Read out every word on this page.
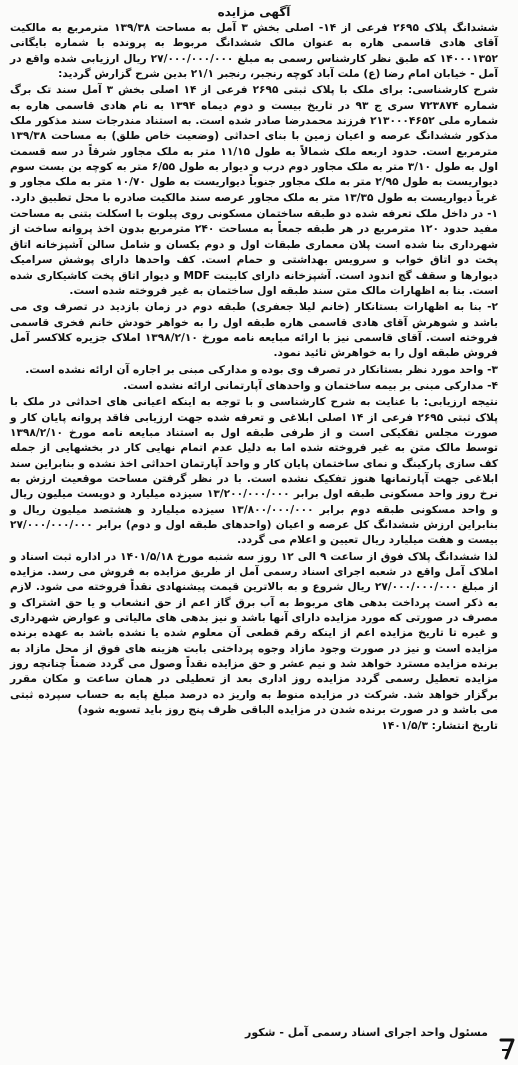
آگهی مزایده
ششدانگ پلاک ۲۶۹۵ فرعی از ۱۴- اصلی بخش ۳ آمل به مساحت ۱۳۹/۳۸ مترمربع به مالکیت آقای هادی قاسمی هاره به عنوان مالک ششدانگ مربوط به پرونده با شماره بایگانی ۱۴۰۰۰۱۳۵۲ که طبق نظر کارشناس رسمی به مبلغ ۲۷/۰۰۰/۰۰۰/۰۰۰ ریال ارزیابی شده واقع در آمل - خیابان امام رضا (ع) ملت آباد کوچه رنجبر، رنجبر ۲۱/۱ بدین شرح گزارش گردید:
شرح کارشناسی: برای ملک با پلاک ثبتی ۲۶۹۵ فرعی از ۱۴ اصلی بخش ۳ آمل سند تک برگ شماره ۷۲۳۸۷۴ سری ج ۹۳ در تاریخ بیست و دوم دیماه ۱۳۹۴ به نام هادی قاسمی هاره به شماره ملی ۲۱۳۰۰۰۴۶۵۲ فرزند محمدرضا صادر شده است. به استناد مندرجات سند مذکور ملک مذکور ششدانگ عرصه و اعیان زمین با بنای احداثی (وضعیت خاص طلق) به مساحت ۱۳۹/۳۸ مترمربع است. حدود اربعه ملک شمالاً به طول ۱۱/۱۵ متر به ملک مجاور شرقاً در سه قسمت اول به طول ۳/۱۰ متر به ملک مجاور دوم درب و دیوار به طول ۶/۵۵ متر به کوچه بن بست سوم دیواریست به طول ۲/۹۵ متر به ملک مجاور جنوباً دیواریست به طول ۱۰/۷۰ متر به ملک مجاور و غرباً دیواریست به طول ۱۳/۳۵ متر به ملک مجاور عرصه سند مالکیت صادره با محل تطبیق دارد.
۱- در داخل ملک تعرفه شده دو طبقه ساختمان مسکونی روی پیلوت با اسکلت بتنی به مساحت مفید حدود ۱۲۰ مترمربع در هر طبقه جمعاً به مساحت ۲۴۰ مترمربع بدون اخذ پروانه ساخت از شهرداری بنا شده است پلان معماری طبقات اول و دوم یکسان و شامل سالن آشپزخانه اتاق پخت دو اتاق خواب و سرویس بهداشتی و حمام است. کف واحدها دارای پوشش سرامیک دیوارها و سقف گچ اندود است. آشپزخانه دارای کابینت MDF و دیوار اتاق پخت کاشیکاری شده است. بنا به اظهارات مالک متن سند طبقه اول ساختمان به غیر فروخته شده است.
۲- بنا به اظهارات بستانکار (خانم لیلا جعفری) طبقه دوم در زمان بازدید در تصرف وی می باشد و شوهرش آقای هادی قاسمی هاره طبقه اول را به خواهر خودش خانم فخری قاسمی فروخته است. آقای قاسمی نیز با ارائه مبایعه نامه مورخ ۱۳۹۸/۲/۱۰ املاک جزیره کلاکسر آمل فروش طبقه اول را به خواهرش تائید نمود.
۳- واحد مورد نظر بستانکار در تصرف وی بوده و مدارکی مبنی بر اجاره آن ارائه نشده است.
۴- مدارکی مبنی بر بیمه ساختمان و واحدهای آپارتمانی ارائه نشده است.
نتیجه ارزیابی: با عنایت به شرح کارشناسی و با توجه به اینکه اعیانی های احداثی در ملک با پلاک ثبتی ۲۶۹۵ فرعی از ۱۴ اصلی ابلاغی و تعرفه شده جهت ارزیابی فاقد پروانه پایان کار و صورت مجلس تفکیکی است و از طرفی طبقه اول به استناد مبایعه نامه مورخ ۱۳۹۸/۲/۱۰ توسط مالک متن به غیر فروخته شده اما به دلیل عدم اتمام نهایی کار در بخشهایی از جمله کف سازی پارکینگ و نمای ساختمان پایان کار و واحد آپارتمان احداثی اخذ نشده و بنابراین سند ابلاغی جهت آپارتمانها هنوز تفکیک نشده است. با در نظر گرفتن مساحت موقعیت ارزش به نرخ روز واحد مسکونی طبقه اول برابر ۱۳/۲۰۰/۰۰۰/۰۰۰ سیزده میلیارد و دویست میلیون ریال و واحد مسکونی طبقه دوم برابر ۱۳/۸۰۰/۰۰۰/۰۰۰ سیزده میلیارد و هشتصد میلیون ریال و بنابراین ارزش ششدانگ کل عرصه و اعیان (واحدهای طبقه اول و دوم) برابر ۲۷/۰۰۰/۰۰۰/۰۰۰ بیست و هفت میلیارد ریال تعیین و اعلام می گردد.
لذا ششدانگ پلاک فوق از ساعت ۹ الی ۱۲ روز سه شنبه مورخ ۱۴۰۱/۵/۱۸ در اداره ثبت اسناد و املاک آمل واقع در شعبه اجرای اسناد رسمی آمل از طریق مزایده به فروش می رسد. مزایده از مبلغ ۲۷/۰۰۰/۰۰۰/۰۰۰ ریال شروع و به بالاترین قیمت پیشنهادی نقداً فروخته می شود. لازم به ذکر است پرداخت بدهی های مربوط به آب برق گاز اعم از حق انشعاب و یا حق اشتراک و مصرف در صورتی که مورد مزایده دارای آنها باشد و نیز بدهی های مالیاتی و عوارض شهرداری و غیره تا تاریخ مزایده اعم از اینکه رقم قطعی آن معلوم شده یا نشده باشد به عهده برنده مزایده است و نیز در صورت وجود مازاد وجوه پرداختی بابت هزینه های فوق از محل مازاد به برنده مزایده مسترد خواهد شد و نیم عشر و حق مزایده نقداً وصول می گردد ضمناً چنانچه روز مزایده تعطیل رسمی گردد مزایده روز اداری بعد از تعطیلی در همان ساعت و مکان مقرر برگزار خواهد شد. شرکت در مزایده منوط به واریز ده درصد مبلغ پایه به حساب سپرده ثبتی می باشد و در صورت برنده شدن در مزایده الباقی ظرف پنج روز باید تسویه شود)
تاریخ انتشار: ۱۴۰۱/۵/۳
مسئول واحد اجرای اسناد رسمی آمل - شکور
